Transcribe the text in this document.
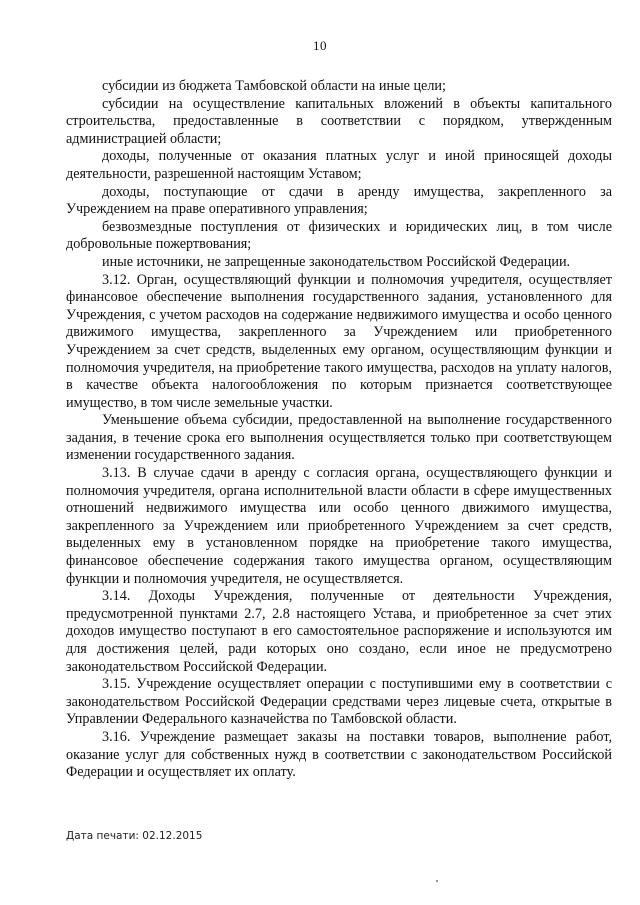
10

субсидии из бюджета Тамбовской области на иные цели;

субсидии на осуществление капитальных вложений в объекты капитального строительства, предоставленные в соответствии с порядком, утвержденным администрацией области;

доходы, полученные от оказания платных услуг и иной приносящей доходы деятельности, разрешенной настоящим Уставом;

доходы, поступающие от сдачи в аренду имущества, закрепленного за Учреждением на праве оперативного управления;

безвозмездные поступления от физических и юридических лиц, в том числе добровольные пожертвования;

иные источники, не запрещенные законодательством Российской Федерации.

3.12. Орган, осуществляющий функции и полномочия учредителя, осуществляет финансовое обеспечение выполнения государственного задания, установленного для Учреждения, с учетом расходов на содержание недвижимого имущества и особо ценного движимого имущества, закрепленного за Учреждением или приобретенного Учреждением за счет средств, выделенных ему органом, осуществляющим функции и полномочия учредителя, на приобретение такого имущества, расходов на уплату налогов, в качестве объекта налогообложения по которым признается соответствующее имущество, в том числе земельные участки.

Уменьшение объема субсидии, предоставленной на выполнение государственного задания, в течение срока его выполнения осуществляется только при соответствующем изменении государственного задания.

3.13. В случае сдачи в аренду с согласия органа, осуществляющего функции и полномочия учредителя, органа исполнительной власти области в сфере имущественных отношений недвижимого имущества или особо ценного движимого имущества, закрепленного за Учреждением или приобретенного Учреждением за счет средств, выделенных ему в установленном порядке на приобретение такого имущества, финансовое обеспечение содержания такого имущества органом, осуществляющим функции и полномочия учредителя, не осуществляется.

3.14. Доходы Учреждения, полученные от деятельности Учреждения, предусмотренной пунктами 2.7, 2.8 настоящего Устава, и приобретенное за счет этих доходов имущество поступают в его самостоятельное распоряжение и используются им для достижения целей, ради которых оно создано, если иное не предусмотрено законодательством Российской Федерации.

3.15. Учреждение осуществляет операции с поступившими ему в соответствии с законодательством Российской Федерации средствами через лицевые счета, открытые в Управлении Федерального казначейства по Тамбовской области.

3.16. Учреждение размещает заказы на поставки товаров, выполнение работ, оказание услуг для собственных нужд в соответствии с законодательством Российской Федерации и осуществляет их оплату.

Дата печати: 02.12.2015
